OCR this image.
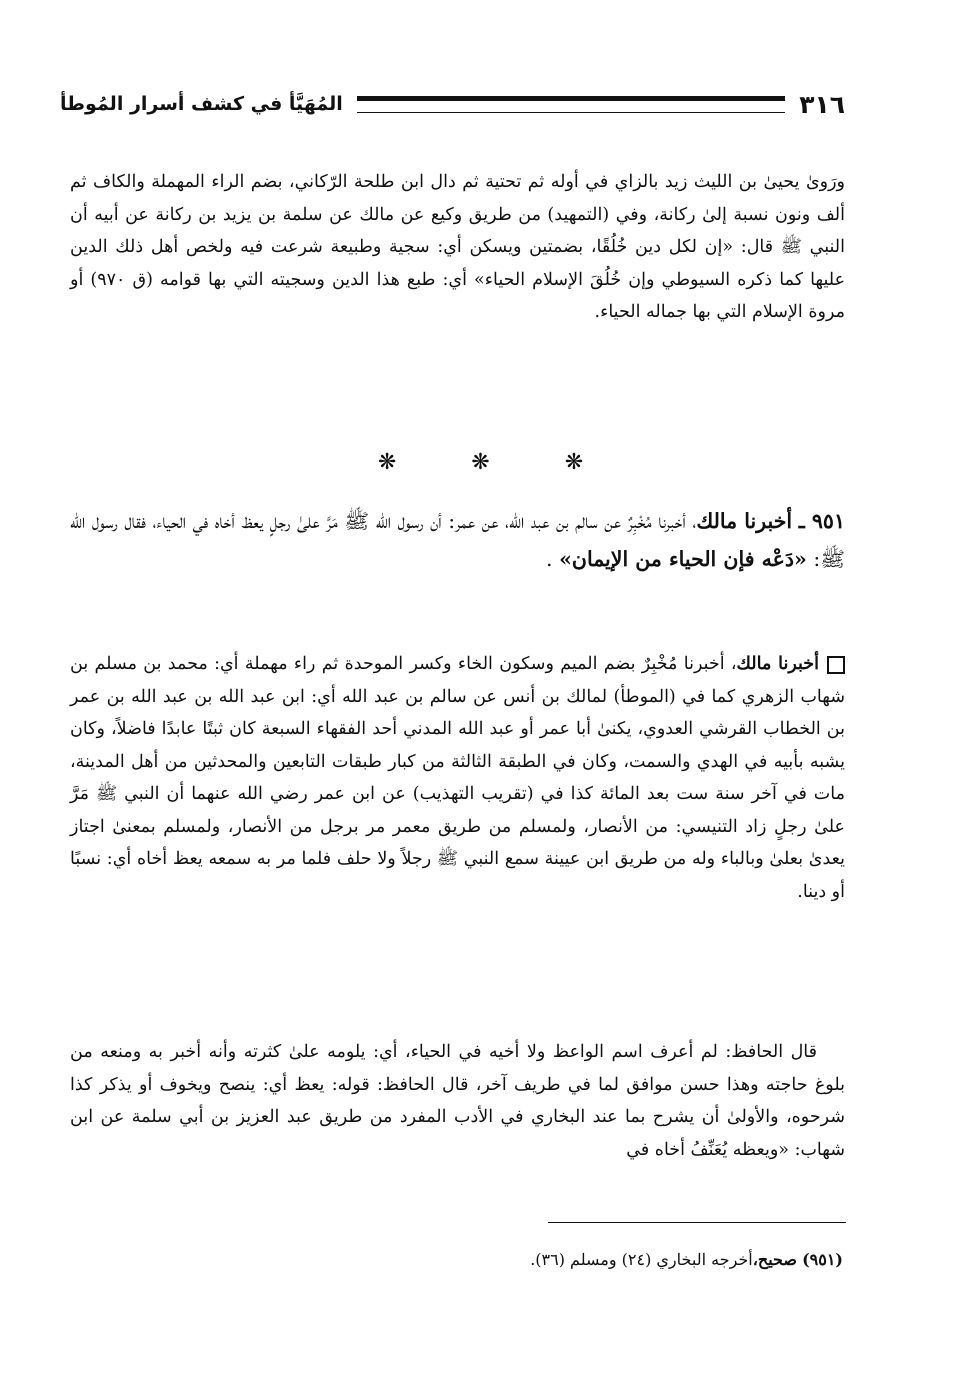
٣١٦
المُهَيَّأ في كشف أسرار المُوطأ

ورَوىٰ يحيىٰ بن الليث زيد بالزاي في أوله ثم تحتية ثم دال ابن طلحة الرّكاني، بضم الراء المهملة والكاف ثم ألف ونون نسبة إلىٰ ركانة، وفي (التمهيد) من طريق وكيع عن مالك عن سلمة بن يزيد بن ركانة عن أبيه أن النبي ﷺ قال: «إن لكل دين خُلُقًا، بضمتين ويسكن أي: سجية وطبيعة شرعت فيه ولخص أهل ذلك الدين عليها كما ذكره السيوطي وإن خُلُقَ الإسلام الحياء» أي: طبع هذا الدين وسجيته التي بها قوامه (ق ٩٧٠) أو مروة الإسلام التي بها جماله الحياء.

❋ ❋ ❋

٩٥١ ـ أخبرنا مالك، أخبرنا مُخْبِرٌ عن سالم بن عبد الله، عن عمر: أن رسول الله ﷺ مَرَّ علىٰ رجلٍ يعظ أخاه في الحياء، فقال رسول الله ﷺ: «دَعْه فإن الحياء من الإيمان» .

أخبرنا مالك، أخبرنا مُخْبِرٌ بضم الميم وسكون الخاء وكسر الموحدة ثم راء مهملة أي: محمد بن مسلم بن شهاب الزهري كما في (الموطأ) لمالك بن أنس عن سالم بن عبد الله أي: ابن عبد الله بن عبد الله بن عمر بن الخطاب القرشي العدوي، يكنىٰ أبا عمر أو عبد الله المدني أحد الفقهاء السبعة كان ثبتًا عابدًا فاضلاً، وكان يشبه بأبيه في الهدي والسمت، وكان في الطبقة الثالثة من كبار طبقات التابعين والمحدثين من أهل المدينة، مات في آخر سنة ست بعد المائة كذا في (تقريب التهذيب) عن ابن عمر رضي الله عنهما أن النبي ﷺ مَرَّ علىٰ رجلٍ زاد التنيسي: من الأنصار، ولمسلم من طريق معمر مر برجل من الأنصار، ولمسلم بمعنىٰ اجتاز يعدىٰ بعلىٰ وبالباء وله من طريق ابن عيينة سمع النبي ﷺ رجلاً ولا حلف فلما مر به سمعه يعظ أخاه أي: نسبًا أو دينا.

قال الحافظ: لم أعرف اسم الواعظ ولا أخيه في الحياء، أي: يلومه علىٰ كثرته وأنه أخبر به ومنعه من بلوغ حاجته وهذا حسن موافق لما في طريف آخر، قال الحافظ: قوله: يعظ أي: ينصح ويخوف أو يذكر كذا شرحوه، والأولىٰ أن يشرح بما عند البخاري في الأدب المفرد من طريق عبد العزيز بن أبي سلمة عن ابن شهاب: «ويعظه يُعَنِّفُ أخاه في

(٩٥١) صحيح،أخرجه البخاري (٢٤) ومسلم (٣٦).
